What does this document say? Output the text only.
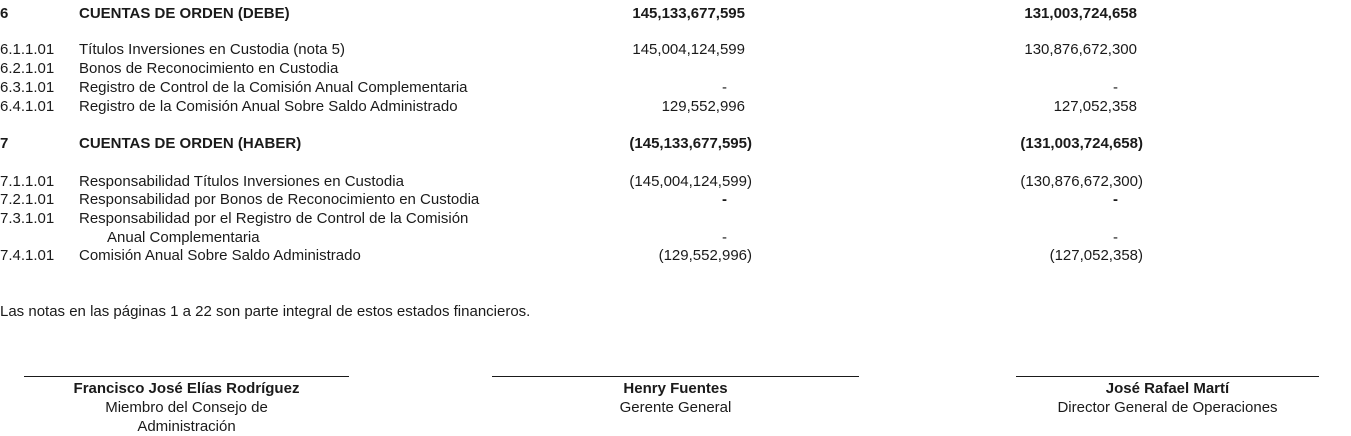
6	CUENTAS DE ORDEN (DEBE)	145,133,677,595	131,003,724,658
6.1.1.01 Títulos Inversiones en Custodia (nota 5)	145,004,124,599	130,876,672,300
6.2.1.01 Bonos de Reconocimiento en Custodia
6.3.1.01 Registro de Control de la Comisión Anual Complementaria	-	-
6.4.1.01 Registro de la Comisión Anual Sobre Saldo Administrado	129,552,996	127,052,358
7	CUENTAS DE ORDEN (HABER)	(145,133,677,595)	(131,003,724,658)
7.1.1.01 Responsabilidad Títulos Inversiones en Custodia	(145,004,124,599)	(130,876,672,300)
7.2.1.01 Responsabilidad por Bonos de Reconocimiento en Custodia	-	-
7.3.1.01 Responsabilidad por el Registro de Control de la Comisión
Anual Complementaria	-	-
7.4.1.01 Comisión Anual Sobre Saldo Administrado	(129,552,996)	(127,052,358)
Las notas en las páginas 1 a 22 son parte integral de estos estados financieros.
Francisco José Elías Rodríguez
Miembro del Consejo de
Administración
Henry Fuentes
Gerente General
José Rafael Martí
Director General de Operaciones
